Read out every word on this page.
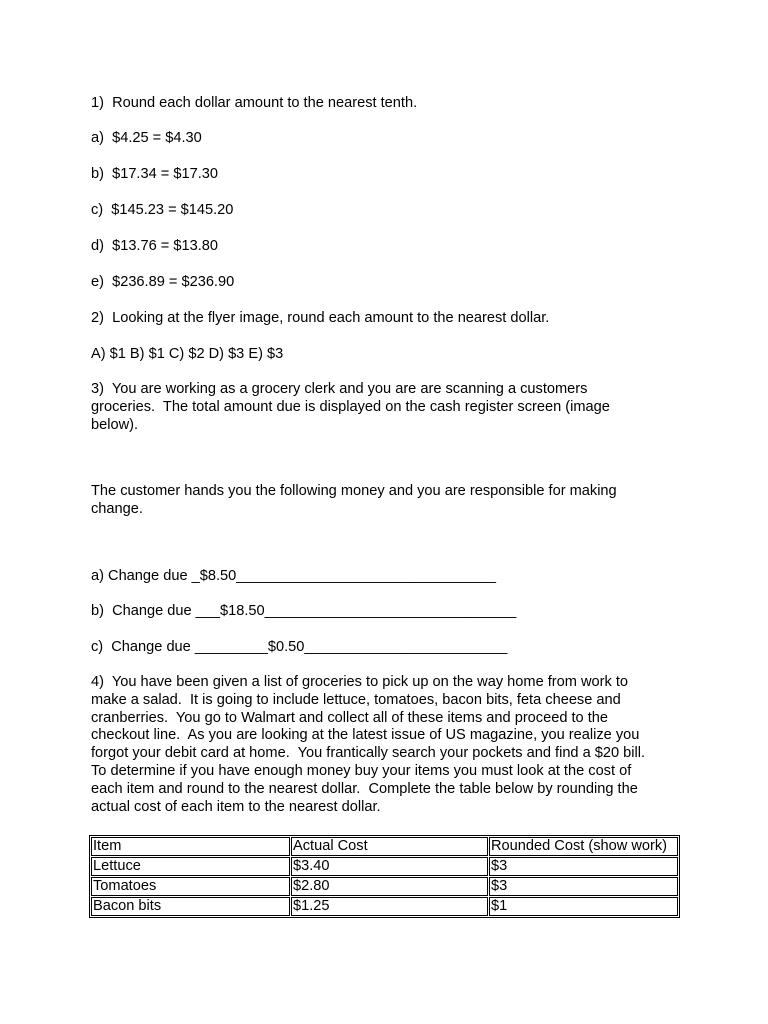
1)  Round each dollar amount to the nearest tenth.
a)  $4.25 = $4.30
b)  $17.34 = $17.30
c)  $145.23 = $145.20
d)  $13.76 = $13.80
e)  $236.89 = $236.90
2)  Looking at the flyer image, round each amount to the nearest dollar.
A) $1 B) $1 C) $2 D) $3 E) $3
3)  You are working as a grocery clerk and you are are scanning a customers
groceries.  The total amount due is displayed on the cash register screen (image
below).
The customer hands you the following money and you are responsible for making
change.
a) Change due _$8.50________________________________
b)  Change due ___$18.50_______________________________
c)  Change due _________$0.50_________________________
4)  You have been given a list of groceries to pick up on the way home from work to
make a salad.  It is going to include lettuce, tomatoes, bacon bits, feta cheese and
cranberries.  You go to Walmart and collect all of these items and proceed to the
checkout line.  As you are looking at the latest issue of US magazine, you realize you
forgot your debit card at home.  You frantically search your pockets and find a $20 bill.
To determine if you have enough money buy your items you must look at the cost of
each item and round to the nearest dollar.  Complete the table below by rounding the
actual cost of each item to the nearest dollar.
Item	Actual Cost	Rounded Cost (show work)
Lettuce	$3.40	$3
Tomatoes	$2.80	$3
Bacon bits	$1.25	$1
